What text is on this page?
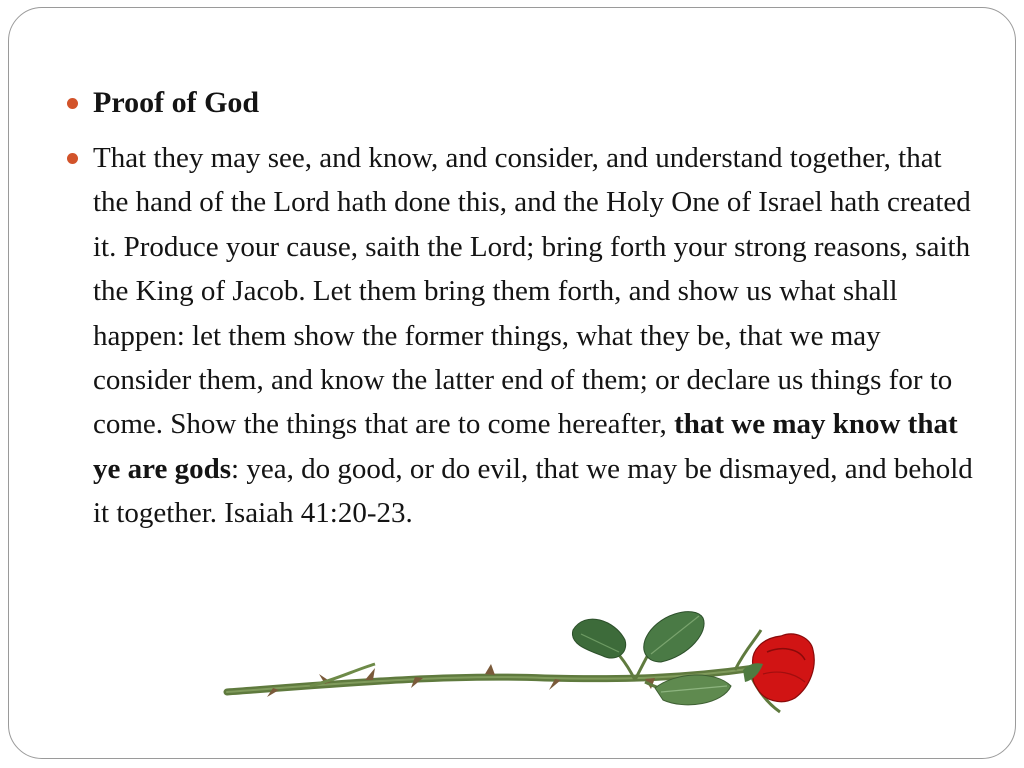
Proof of God
That they may see, and know, and consider, and understand together, that the hand of the Lord hath done this, and the Holy One of Israel hath created it. Produce your cause, saith the Lord; bring forth your strong reasons, saith the King of Jacob. Let them bring them forth, and show us what shall happen: let them show the former things, what they be, that we may consider them, and know the latter end of them; or declare us things for to come. Show the things that are to come hereafter, that we may know that ye are gods: yea, do good, or do evil, that we may be dismayed, and behold it together. Isaiah 41:20-23.
